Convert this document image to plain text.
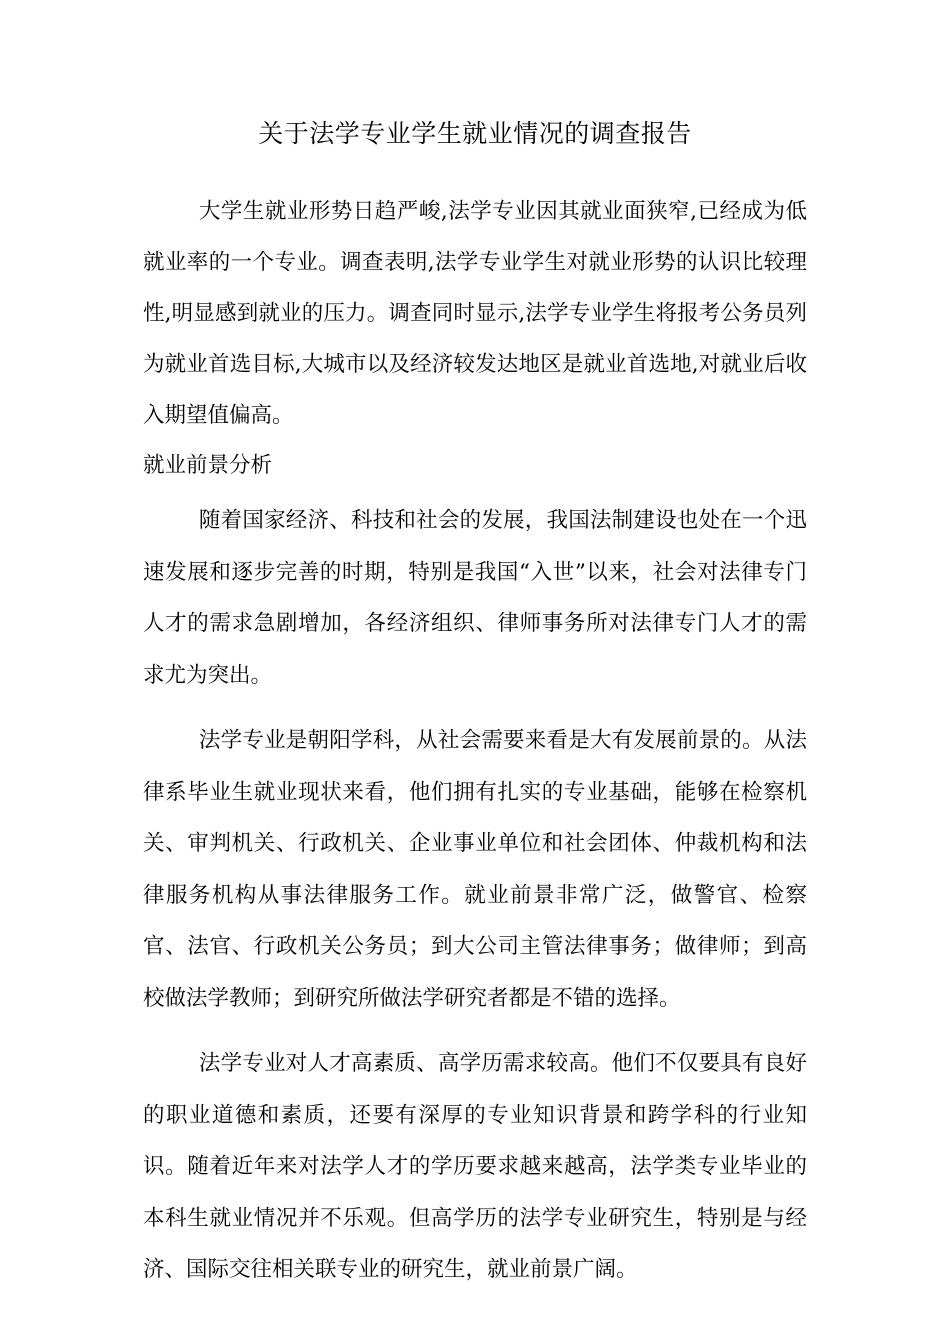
关于法学专业学生就业情况的调查报告

大学生就业形势日趋严峻,法学专业因其就业面狭窄,已经成为低就业率的一个专业。调查表明,法学专业学生对就业形势的认识比较理性,明显感到就业的压力。调查同时显示,法学专业学生将报考公务员列为就业首选目标,大城市以及经济较发达地区是就业首选地,对就业后收入期望值偏高。

就业前景分析

随着国家经济、科技和社会的发展，我国法制建设也处在一个迅速发展和逐步完善的时期，特别是我国“入世”以来，社会对法律专门人才的需求急剧增加，各经济组织、律师事务所对法律专门人才的需求尤为突出。

法学专业是朝阳学科，从社会需要来看是大有发展前景的。从法律系毕业生就业现状来看，他们拥有扎实的专业基础，能够在检察机关、审判机关、行政机关、企业事业单位和社会团体、仲裁机构和法律服务机构从事法律服务工作。就业前景非常广泛，做警官、检察官、法官、行政机关公务员；到大公司主管法律事务；做律师；到高校做法学教师；到研究所做法学研究者都是不错的选择。

法学专业对人才高素质、高学历需求较高。他们不仅要具有良好的职业道德和素质，还要有深厚的专业知识背景和跨学科的行业知识。随着近年来对法学人才的学历要求越来越高，法学类专业毕业的本科生就业情况并不乐观。但高学历的法学专业研究生，特别是与经济、国际交往相关联专业的研究生，就业前景广阔。
